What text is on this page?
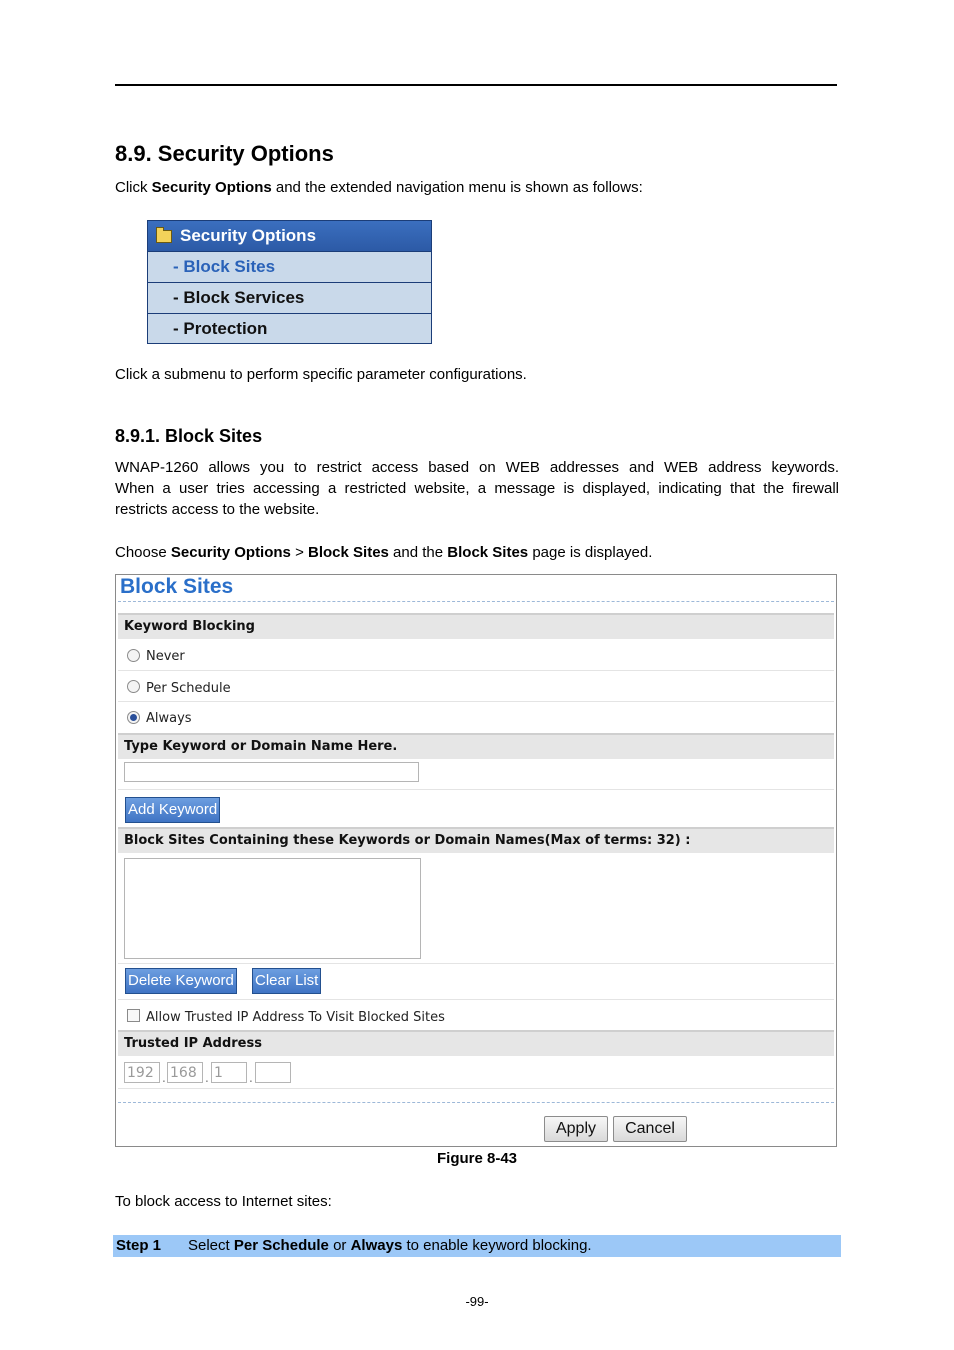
8.9. Security Options
Click Security Options and the extended navigation menu is shown as follows:
Security Options
- Block Sites
- Block Services
- Protection
Click a submenu to perform specific parameter configurations.
8.9.1. Block Sites
WNAP-1260 allows you to restrict access based on WEB addresses and WEB address keywords.
When a user tries accessing a restricted website, a message is displayed, indicating that the firewall
restricts access to the website.
Choose Security Options > Block Sites and the Block Sites page is displayed.
Block Sites
Keyword Blocking
Never
Per Schedule
Always
Type Keyword or Domain Name Here.
Add Keyword
Block Sites Containing these Keywords or Domain Names(Max of terms: 32) :
Delete Keyword Clear List
Allow Trusted IP Address To Visit Blocked Sites
Trusted IP Address
192 . 168 . 1	.
Apply	Cancel
Figure 8-43
To block access to Internet sites:
Step 1 Select Per Schedule or Always to enable keyword blocking.
-99-
